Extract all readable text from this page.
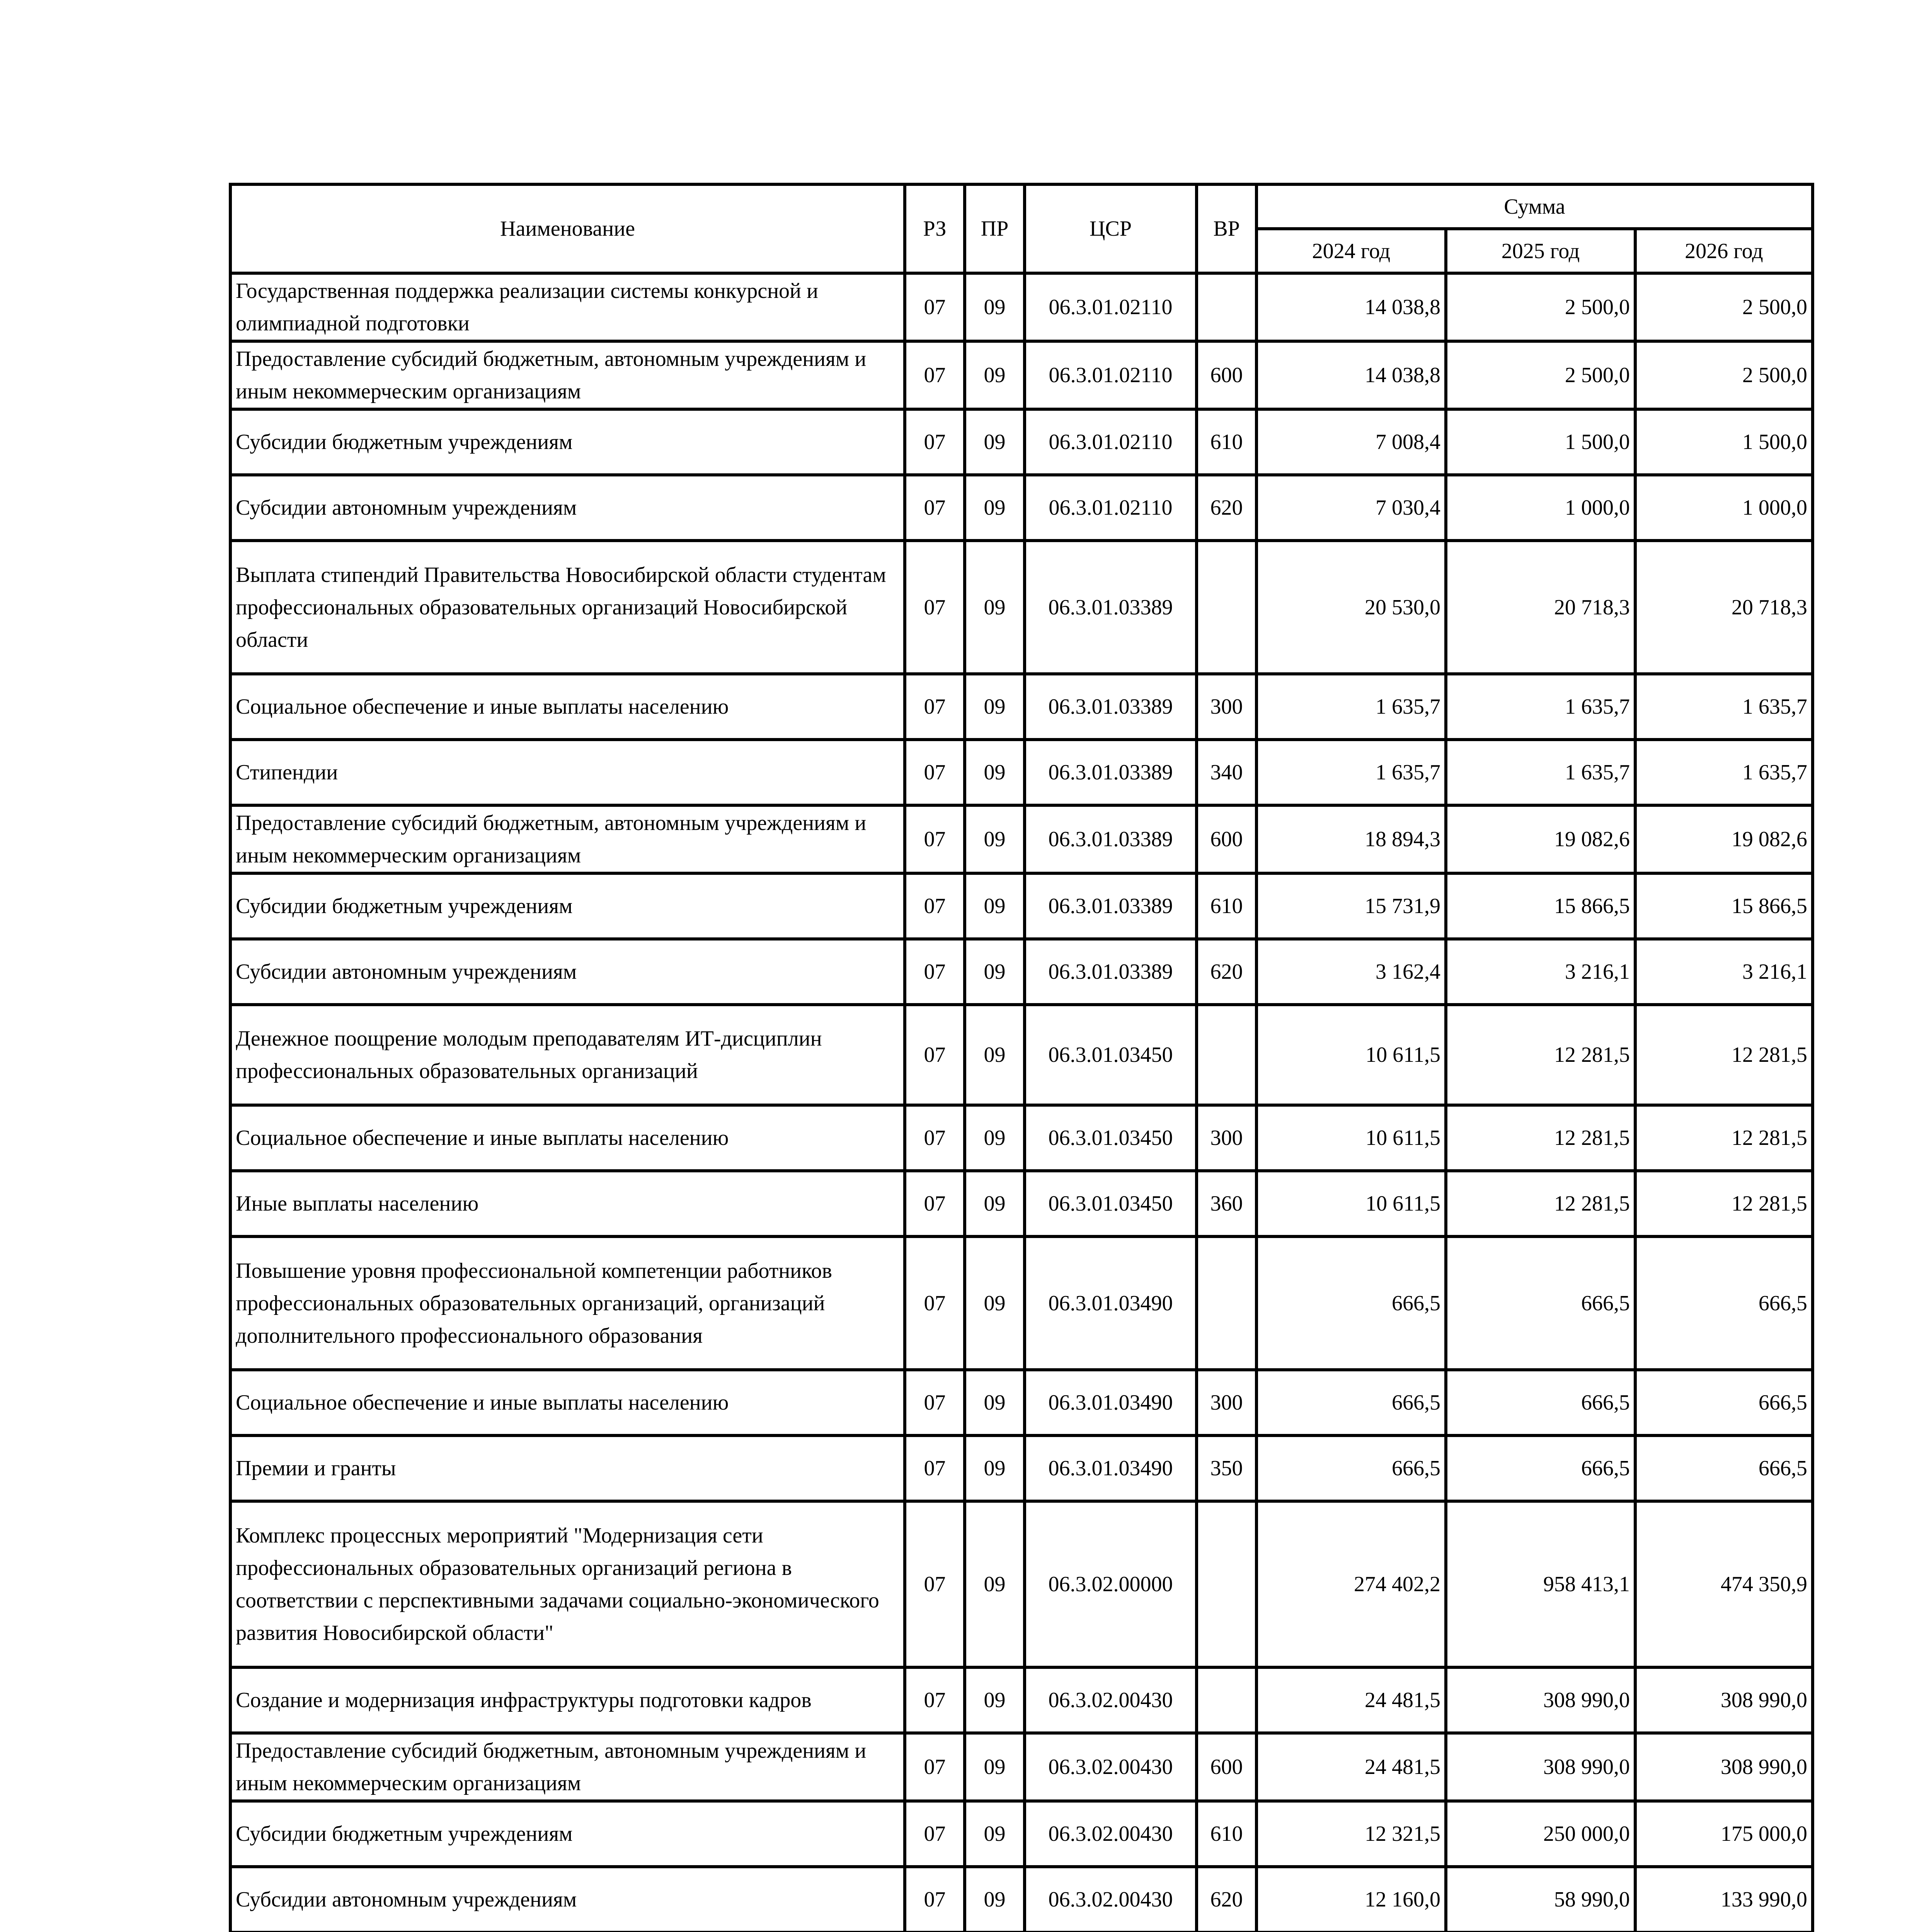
Наименование	РЗ	ПР	ЦСР	ВР	Сумма		
					2024 год	2025 год	2026 год
Государственная поддержка реализации системы конкурсной и олимпиадной подготовки	07	09	06.3.01.02110		14 038,8	2 500,0	2 500,0
Предоставление субсидий бюджетным, автономным учреждениям и иным некоммерческим организациям	07	09	06.3.01.02110	600	14 038,8	2 500,0	2 500,0
Субсидии бюджетным учреждениям	07	09	06.3.01.02110	610	7 008,4	1 500,0	1 500,0
Субсидии автономным учреждениям	07	09	06.3.01.02110	620	7 030,4	1 000,0	1 000,0
Выплата стипендий Правительства Новосибирской области студентам профессиональных образовательных организаций Новосибирской области	07	09	06.3.01.03389		20 530,0	20 718,3	20 718,3
Социальное обеспечение и иные выплаты населению	07	09	06.3.01.03389	300	1 635,7	1 635,7	1 635,7
Стипендии	07	09	06.3.01.03389	340	1 635,7	1 635,7	1 635,7
Предоставление субсидий бюджетным, автономным учреждениям и иным некоммерческим организациям	07	09	06.3.01.03389	600	18 894,3	19 082,6	19 082,6
Субсидии бюджетным учреждениям	07	09	06.3.01.03389	610	15 731,9	15 866,5	15 866,5
Субсидии автономным учреждениям	07	09	06.3.01.03389	620	3 162,4	3 216,1	3 216,1
Денежное поощрение молодым преподавателям ИТ-дисциплин профессиональных образовательных организаций	07	09	06.3.01.03450		10 611,5	12 281,5	12 281,5
Социальное обеспечение и иные выплаты населению	07	09	06.3.01.03450	300	10 611,5	12 281,5	12 281,5
Иные выплаты населению	07	09	06.3.01.03450	360	10 611,5	12 281,5	12 281,5
Повышение уровня профессиональной компетенции работников профессиональных образовательных организаций, организаций дополнительного профессионального образования	07	09	06.3.01.03490		666,5	666,5	666,5
Социальное обеспечение и иные выплаты населению	07	09	06.3.01.03490	300	666,5	666,5	666,5
Премии и гранты	07	09	06.3.01.03490	350	666,5	666,5	666,5
Комплекс процессных мероприятий "Модернизация сети профессиональных образовательных организаций региона в соответствии с перспективными задачами социально-экономического развития Новосибирской области"	07	09	06.3.02.00000		274 402,2	958 413,1	474 350,9
Создание и модернизация инфраструктуры подготовки кадров	07	09	06.3.02.00430		24 481,5	308 990,0	308 990,0
Предоставление субсидий бюджетным, автономным учреждениям и иным некоммерческим организациям	07	09	06.3.02.00430	600	24 481,5	308 990,0	308 990,0
Субсидии бюджетным учреждениям	07	09	06.3.02.00430	610	12 321,5	250 000,0	175 000,0
Субсидии автономным учреждениям	07	09	06.3.02.00430	620	12 160,0	58 990,0	133 990,0
